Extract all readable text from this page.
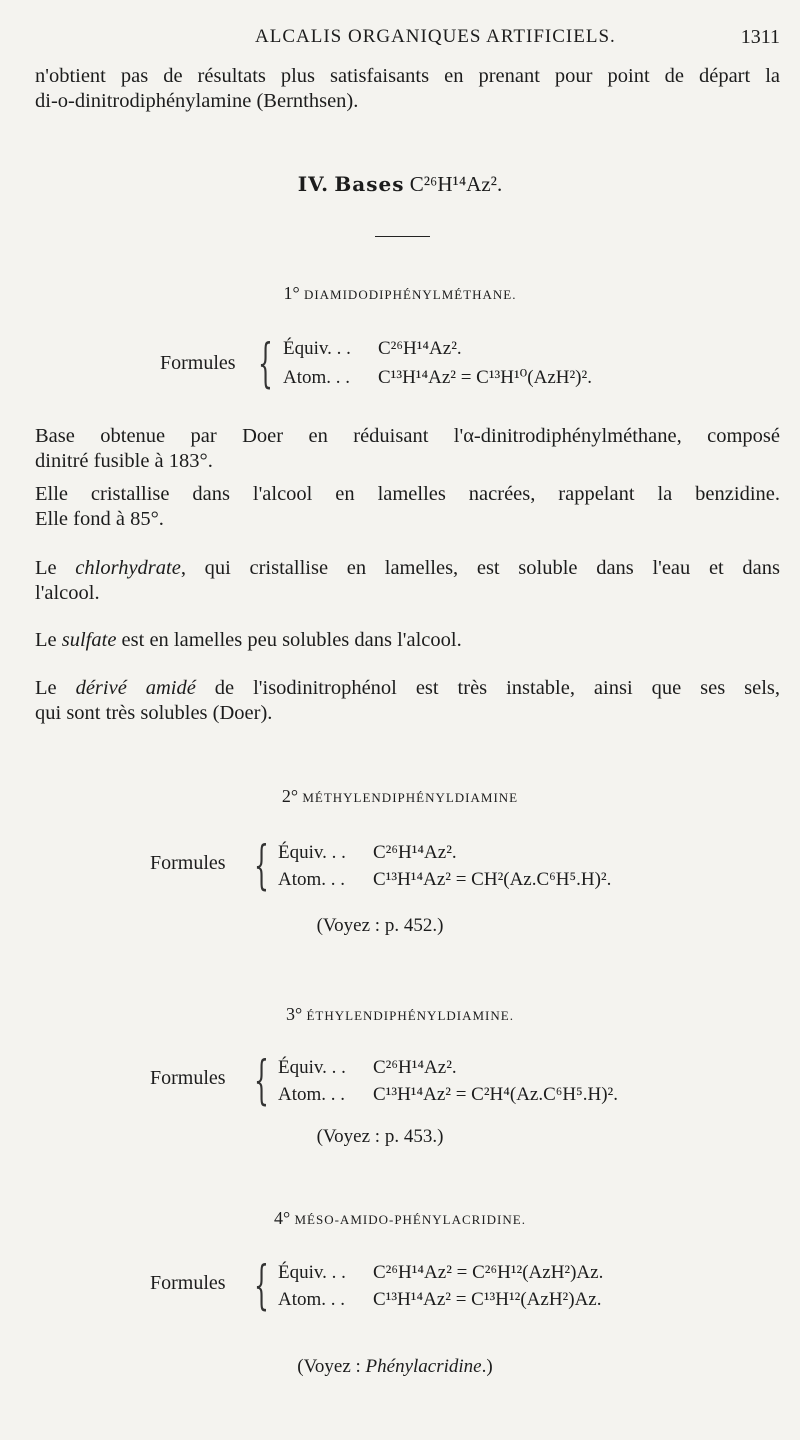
ALCALIS ORGANIQUES ARTIFICIELS.	1311
n'obtient pas de résultats plus satisfaisants en prenant pour point de départ la
di-o-dinitrodiphénylamine (Bernthsen).
IV. Bases C²⁶H¹⁴Az².
1° DIAMIDODIPHÉNYLMÉTHANE.
Formules { Équiv. . . C²⁶H¹⁴Az².
Atom. . . C¹³H¹⁴Az² = C¹³H¹⁰(AzH²)².
Base obtenue par Doer en réduisant l'α-dinitrodiphénylméthane, composé
dinitré fusible à 183°.
Elle cristallise dans l'alcool en lamelles nacrées, rappelant la benzidine.
Elle fond à 85°.
Le chlorhydrate, qui cristallise en lamelles, est soluble dans l'eau et dans
l'alcool.
Le sulfate est en lamelles peu solubles dans l'alcool.
Le dérivé amidé de l'isodinitrophénol est très instable, ainsi que ses sels,
qui sont très solubles (Doer).
2° MÉTHYLENDIPHÉNYLDIAMINE
Formules { Équiv. . . C²⁶H¹⁴Az².
Atom. . . C¹³H¹⁴Az² = CH²(Az.C⁶H⁵.H)².
(Voyez : p. 452.)
3° ÉTHYLENDIPHÉNYLDIAMINE.
Formules { Équiv. . . C²⁶H¹⁴Az².
Atom. . . C¹³H¹⁴Az² = C²H⁴(Az.C⁶H⁵.H)².
(Voyez : p. 453.)
4° MÉSO-AMIDO-PHÉNYLACRIDINE.
Formules { Équiv. . . C²⁶H¹⁴Az² = C²⁶H¹²(AzH²)Az.
Atom. . . C¹³H¹⁴Az² = C¹³H¹²(AzH²)Az.
(Voyez : Phénylacridine.)
